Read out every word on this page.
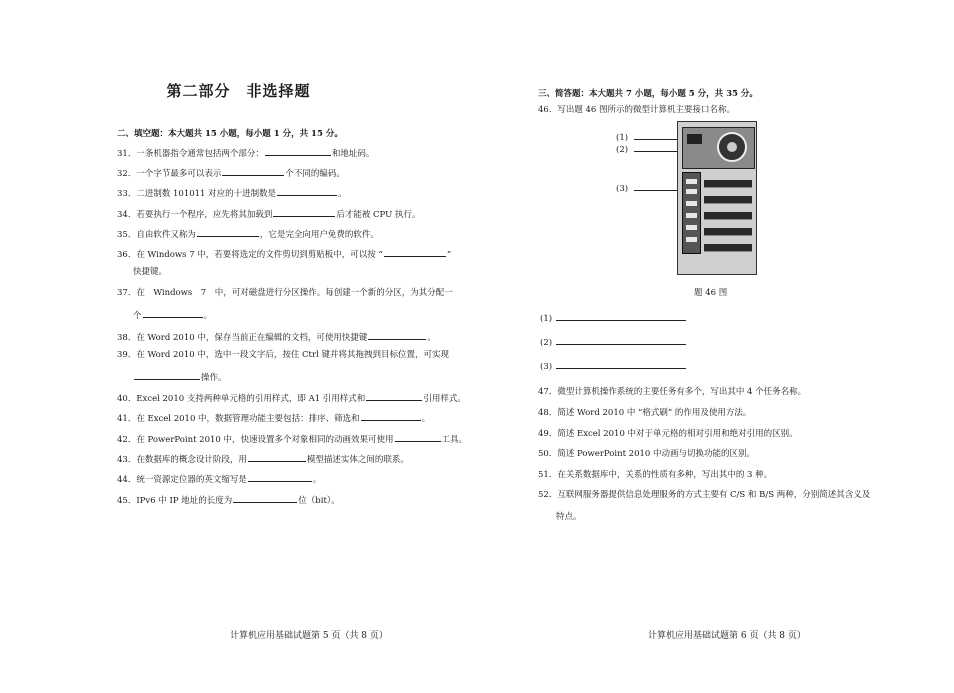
第二部分　非选择题
二、填空题：本大题共 15 小题，每小题 1 分，共 15 分。
31．一条机器指令通常包括两个部分：	和地址码。
32．一个字节最多可以表示	个不同的编码。
33．二进制数 101011 对应的十进制数是	。
34．若要执行一个程序，应先将其加载到	后才能被 CPU 执行。
35．自由软件又称为	，它是完全向用户免费的软件。
36．在 Windows 7 中，若要将选定的文件剪切到剪贴板中，可以按 “	”
快捷键。
37．在　Windows　7　中，可对磁盘进行分区操作。每创建一个新的分区，为其分配一
个	。
38．在 Word 2010 中，保存当前正在编辑的文档，可使用快捷键	。
39．在 Word 2010 中，选中一段文字后，按住 Ctrl 键并将其拖拽到目标位置，可实现
操作。
40．Excel 2010 支持两种单元格的引用样式，即 A1 引用样式和	引用样式。
41．在 Excel 2010 中，数据管理功能主要包括：排序、筛选和	。
42．在 PowerPoint 2010 中，快速设置多个对象相同的动画效果可使用	工具。
43．在数据库的概念设计阶段，用	模型描述实体之间的联系。
44．统一资源定位器的英文缩写是	。
45．IPv6 中 IP 地址的长度为	位（bit）。
计算机应用基础试题第 5 页（共 8 页）
三、简答题：本大题共 7 小题，每小题 5 分，共 35 分。
46．写出题 46 图所示的微型计算机主要接口名称。
(1)
(2)
(3)
题 46 图
(1)
(2)
(3)
47．微型计算机操作系统的主要任务有多个，写出其中 4 个任务名称。
48．简述 Word 2010 中 “格式刷” 的作用及使用方法。
49．简述 Excel 2010 中对于单元格的相对引用和绝对引用的区别。
50．简述 PowerPoint 2010 中动画与切换功能的区别。
51．在关系数据库中，关系的性质有多种，写出其中的 3 种。
52．互联网服务器提供信息处理服务的方式主要有 C/S 和 B/S 两种，分别简述其含义及
特点。
计算机应用基础试题第 6 页（共 8 页）
